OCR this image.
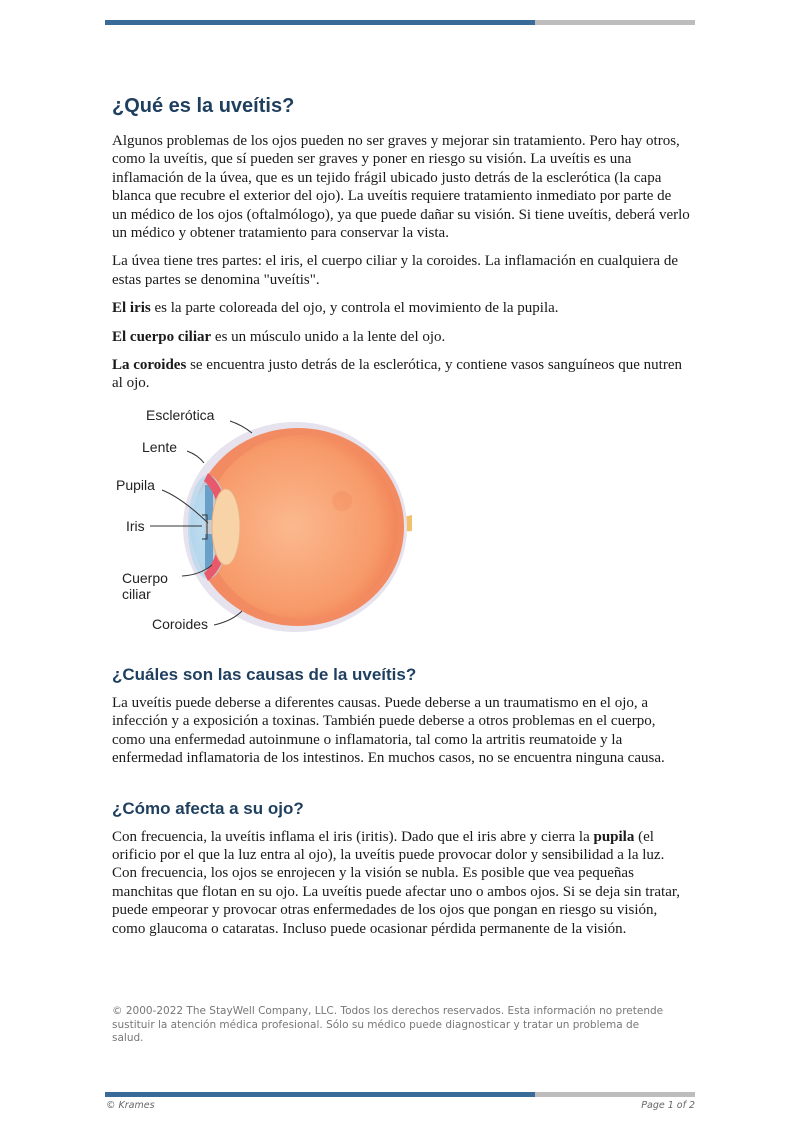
¿Qué es la uveítis?

Algunos problemas de los ojos pueden no ser graves y mejorar sin tratamiento. Pero hay otros, como la uveítis, que sí pueden ser graves y poner en riesgo su visión. La uveítis es una inflamación de la úvea, que es un tejido frágil ubicado justo detrás de la esclerótica (la capa blanca que recubre el exterior del ojo). La uveítis requiere tratamiento inmediato por parte de un médico de los ojos (oftalmólogo), ya que puede dañar su visión. Si tiene uveítis, deberá verlo un médico y obtener tratamiento para conservar la vista.

La úvea tiene tres partes: el iris, el cuerpo ciliar y la coroides. La inflamación en cualquiera de estas partes se denomina "uveítis".

El iris es la parte coloreada del ojo, y controla el movimiento de la pupila.

El cuerpo ciliar es un músculo unido a la lente del ojo.

La coroides se encuentra justo detrás de la esclerótica, y contiene vasos sanguíneos que nutren al ojo.

Esclerótica
Lente
Pupila
Iris
Cuerpo
ciliar
Coroides
¿Cuáles son las causas de la uveítis?

La uveítis puede deberse a diferentes causas. Puede deberse a un traumatismo en el ojo, a infección y a exposición a toxinas. También puede deberse a otros problemas en el cuerpo, como una enfermedad autoinmune o inflamatoria, tal como la artritis reumatoide y la enfermedad inflamatoria de los intestinos. En muchos casos, no se encuentra ninguna causa.

¿Cómo afecta a su ojo?

Con frecuencia, la uveítis inflama el iris (iritis). Dado que el iris abre y cierra la pupila (el orificio por el que la luz entra al ojo), la uveítis puede provocar dolor y sensibilidad a la luz. Con frecuencia, los ojos se enrojecen y la visión se nubla. Es posible que vea pequeñas manchitas que flotan en su ojo. La uveítis puede afectar uno o ambos ojos. Si se deja sin tratar, puede empeorar y provocar otras enfermedades de los ojos que pongan en riesgo su visión, como glaucoma o cataratas. Incluso puede ocasionar pérdida permanente de la visión.

© 2000-2022 The StayWell Company, LLC. Todos los derechos reservados. Esta información no pretende sustituir la atención médica profesional. Sólo su médico puede diagnosticar y tratar un problema de salud.
© Krames	Page 1 of 2
